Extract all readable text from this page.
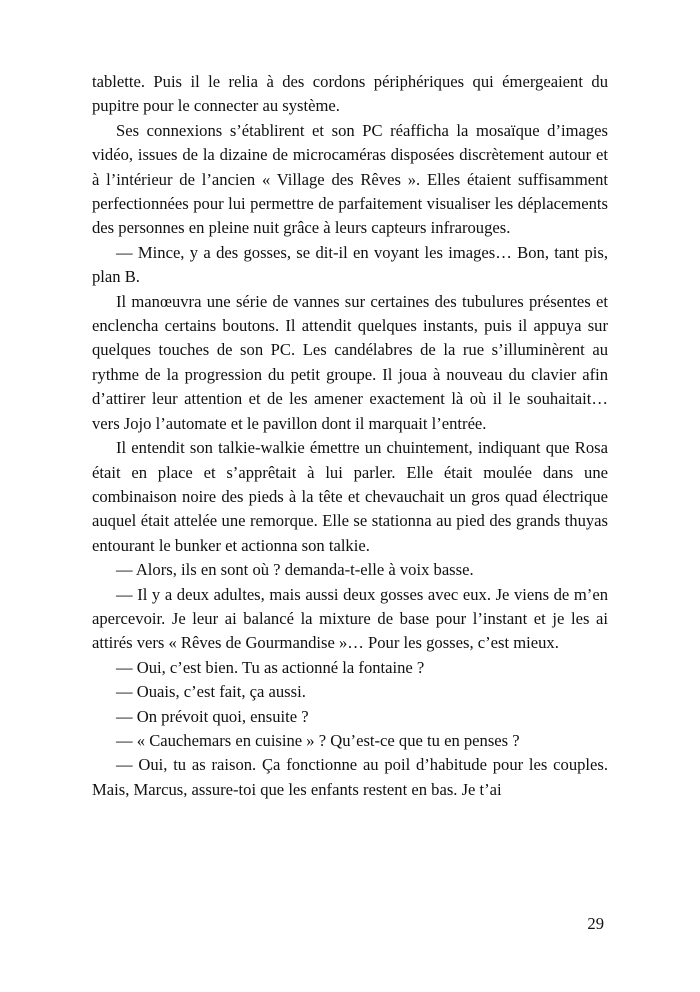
tablette. Puis il le relia à des cordons périphériques qui émergeaient du pupitre pour le connecter au système.

Ses connexions s’établirent et son PC réafficha la mosaïque d’images vidéo, issues de la dizaine de microcaméras disposées discrètement autour et à l’intérieur de l’ancien « Village des Rêves ». Elles étaient suffisamment perfectionnées pour lui permettre de parfaitement visualiser les déplacements des personnes en pleine nuit grâce à leurs capteurs infrarouges.

— Mince, y a des gosses, se dit-il en voyant les images… Bon, tant pis, plan B.

Il manœuvra une série de vannes sur certaines des tubulures présentes et enclencha certains boutons. Il attendit quelques instants, puis il appuya sur quelques touches de son PC. Les candélabres de la rue s’illuminèrent au rythme de la progression du petit groupe. Il joua à nouveau du clavier afin d’attirer leur attention et de les amener exactement là où il le souhaitait… vers Jojo l’automate et le pavillon dont il marquait l’entrée.

Il entendit son talkie-walkie émettre un chuintement, indiquant que Rosa était en place et s’apprêtait à lui parler. Elle était moulée dans une combinaison noire des pieds à la tête et chevauchait un gros quad électrique auquel était attelée une remorque. Elle se stationna au pied des grands thuyas entourant le bunker et actionna son talkie.

— Alors, ils en sont où ? demanda-t-elle à voix basse.

— Il y a deux adultes, mais aussi deux gosses avec eux. Je viens de m’en apercevoir. Je leur ai balancé la mixture de base pour l’instant et je les ai attirés vers « Rêves de Gourmandise »… Pour les gosses, c’est mieux.

— Oui, c’est bien. Tu as actionné la fontaine ?

— Ouais, c’est fait, ça aussi.

— On prévoit quoi, ensuite ?

— « Cauchemars en cuisine » ? Qu’est-ce que tu en penses ?

— Oui, tu as raison. Ça fonctionne au poil d’habitude pour les couples. Mais, Marcus, assure-toi que les enfants restent en bas. Je t’ai

29
